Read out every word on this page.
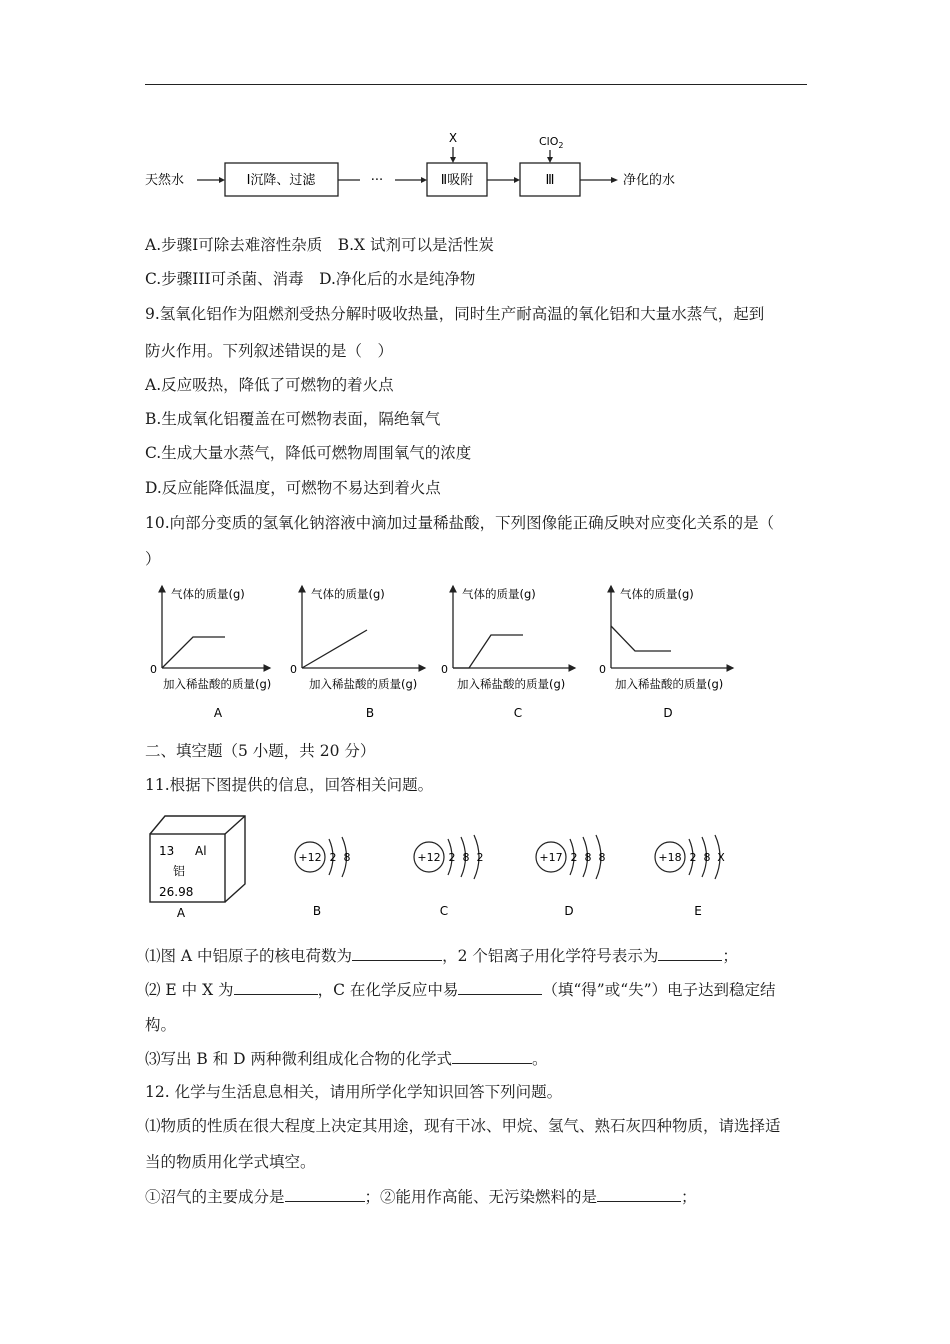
天然水	Ⅰ沉降、过滤	···	Ⅱ吸附	Ⅲ	净化的水
X	ClO$_2$
A.步骤I可除去难溶性杂质　B.X 试剂可以是活性炭
C.步骤III可杀菌、消毒　D.净化后的水是纯净物
9.氢氧化铝作为阻燃剂受热分解时吸收热量，同时生产耐高温的氧化铝和大量水蒸气，起到
防火作用。下列叙述错误的是（　）
A.反应吸热，降低了可燃物的着火点
B.生成氧化铝覆盖在可燃物表面，隔绝氧气
C.生成大量水蒸气，降低可燃物周围氧气的浓度
D.反应能降低温度，可燃物不易达到着火点
10.向部分变质的氢氧化钠溶液中滴加过量稀盐酸，下列图像能正确反映对应变化关系的是（
）
气体的质量(g)
0
加入稀盐酸的质量(g)
A
气体的质量(g)
0
加入稀盐酸的质量(g)
B
气体的质量(g)
0
加入稀盐酸的质量(g)
C
气体的质量(g)
0
加入稀盐酸的质量(g)
D
二、填空题（5 小题，共 20 分）
11.根据下图提供的信息，回答相关问题。
13 Al
铝
26.98
A
+12 2 8
B
+12 2 8 2
C
+17 2 8 8
D
+18 2 8 X
E
⑴图 A 中铝原子的核电荷数为	，2 个铝离子用化学符号表示为	；
⑵ E 中 X 为	，C 在化学反应中易	（填“得”或“失”）电子达到稳定结
构。
⑶写出 B 和 D 两种微利组成化合物的化学式	。
12. 化学与生活息息相关，请用所学化学知识回答下列问题。
⑴物质的性质在很大程度上决定其用途，现有干冰、甲烷、氢气、熟石灰四种物质，请选择适
当的物质用化学式填空。
①沼气的主要成分是	；②能用作高能、无污染燃料的是	；
